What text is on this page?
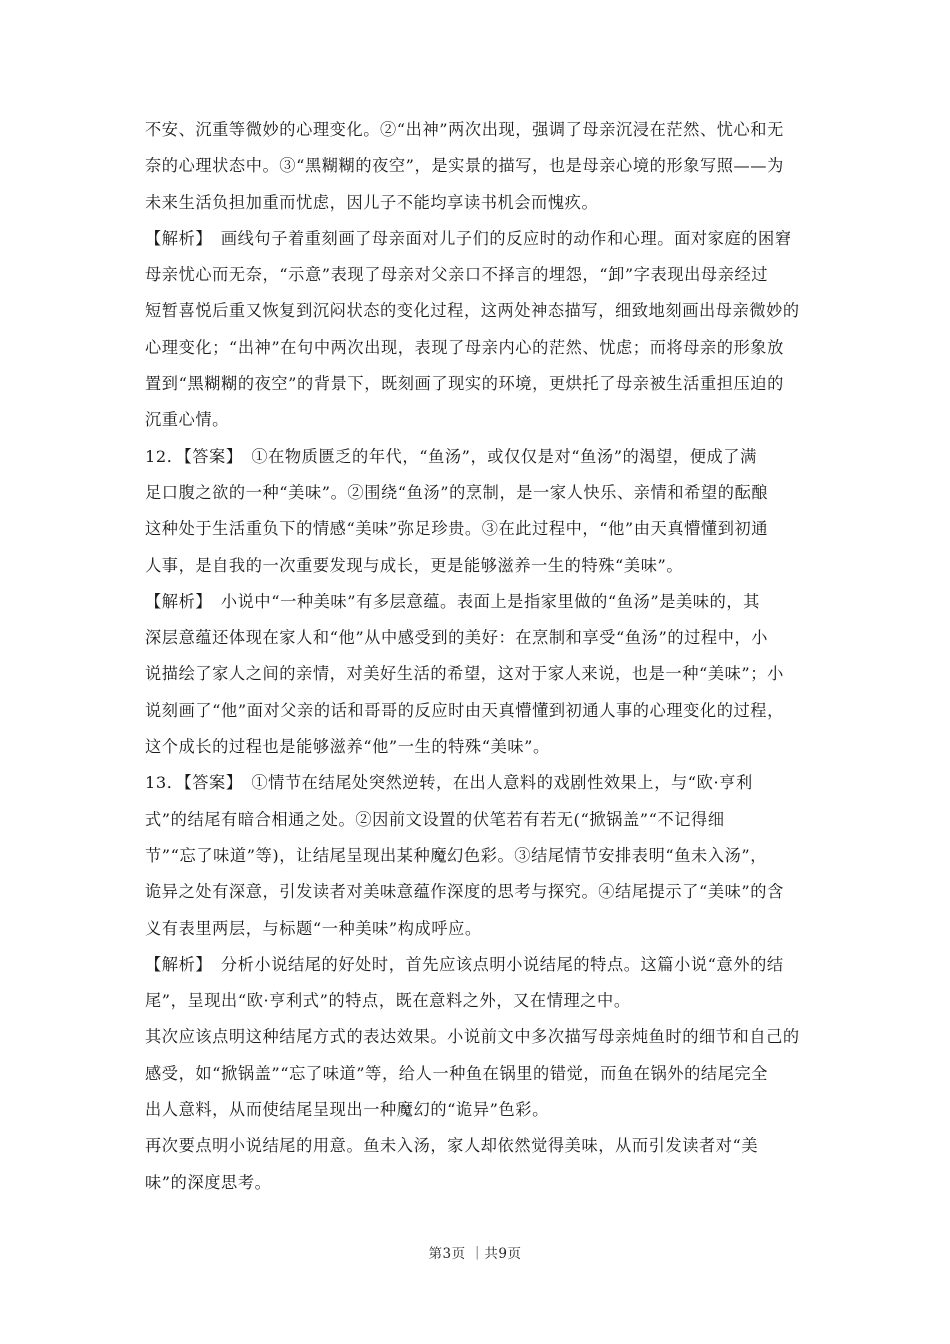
不安、沉重等微妙的心理变化。②“出神”两次出现，强调了母亲沉浸在茫然、忧心和无
奈的心理状态中。③“黑糊糊的夜空”，是实景的描写，也是母亲心境的形象写照——为
未来生活负担加重而忧虑，因儿子不能均享读书机会而愧疚。
【解析】　画线句子着重刻画了母亲面对儿子们的反应时的动作和心理。面对家庭的困窘
母亲忧心而无奈，“示意”表现了母亲对父亲口不择言的埋怨，“卸”字表现出母亲经过
短暂喜悦后重又恢复到沉闷状态的变化过程，这两处神态描写，细致地刻画出母亲微妙的
心理变化；“出神”在句中两次出现，表现了母亲内心的茫然、忧虑；而将母亲的形象放
置到“黑糊糊的夜空”的背景下，既刻画了现实的环境，更烘托了母亲被生活重担压迫的
沉重心情。
12．【答案】　①在物质匮乏的年代，“鱼汤”，或仅仅是对“鱼汤”的渴望，便成了满
足口腹之欲的一种“美味”。②围绕“鱼汤”的烹制，是一家人快乐、亲情和希望的酝酿
这种处于生活重负下的情感“美味”弥足珍贵。③在此过程中，“他”由天真懵懂到初通
人事，是自我的一次重要发现与成长，更是能够滋养一生的特殊“美味”。
【解析】　小说中“一种美味”有多层意蕴。表面上是指家里做的“鱼汤”是美味的，其
深层意蕴还体现在家人和“他”从中感受到的美好：在烹制和享受“鱼汤”的过程中，小
说描绘了家人之间的亲情，对美好生活的希望，这对于家人来说，也是一种“美味”；小
说刻画了“他”面对父亲的话和哥哥的反应时由天真懵懂到初通人事的心理变化的过程，
这个成长的过程也是能够滋养“他”一生的特殊“美味”。
13．【答案】　①情节在结尾处突然逆转，在出人意料的戏剧性效果上，与“欧·亨利
式”的结尾有暗合相通之处。②因前文设置的伏笔若有若无(“掀锅盖”“不记得细
节”“忘了味道”等)，让结尾呈现出某种魔幻色彩。③结尾情节安排表明“鱼未入汤”，
诡异之处有深意，引发读者对美味意蕴作深度的思考与探究。④结尾提示了“美味”的含
义有表里两层，与标题“一种美味”构成呼应。
【解析】　分析小说结尾的好处时，首先应该点明小说结尾的特点。这篇小说“意外的结
尾”，呈现出“欧·亨利式”的特点，既在意料之外，又在情理之中。
其次应该点明这种结尾方式的表达效果。小说前文中多次描写母亲炖鱼时的细节和自己的
感受，如“掀锅盖”“忘了味道”等，给人一种鱼在锅里的错觉，而鱼在锅外的结尾完全
出人意料，从而使结尾呈现出一种魔幻的“诡异”色彩。
再次要点明小说结尾的用意。鱼未入汤，家人却依然觉得美味，从而引发读者对“美
味”的深度思考。
第3页 ｜共9页
